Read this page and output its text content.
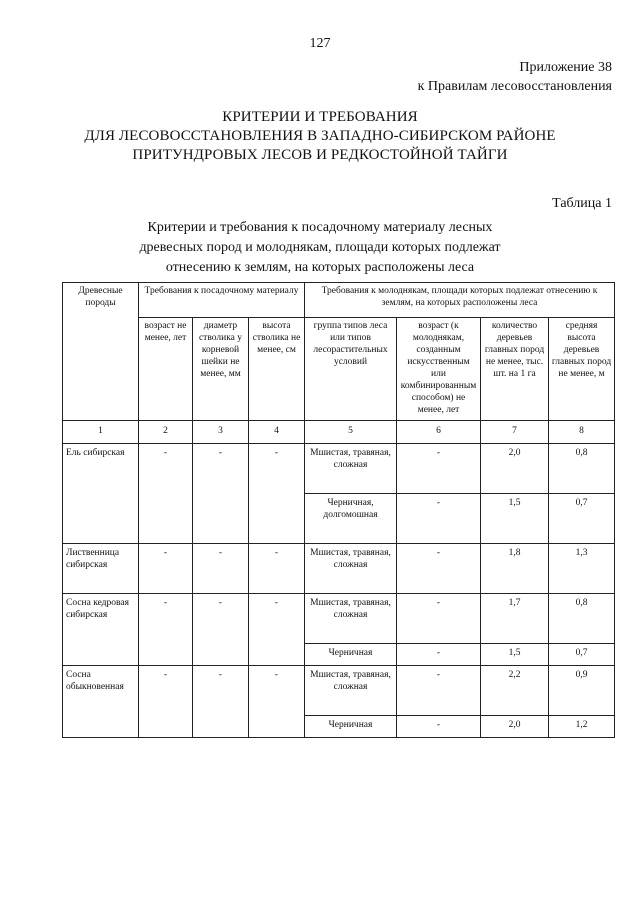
127
Приложение 38
к Правилам лесовосстановления
КРИТЕРИИ И ТРЕБОВАНИЯ
ДЛЯ ЛЕСОВОССТАНОВЛЕНИЯ В ЗАПАДНО-СИБИРСКОМ РАЙОНЕ
ПРИТУНДРОВЫХ ЛЕСОВ И РЕДКОСТОЙНОЙ ТАЙГИ
Таблица 1
Критерии и требования к посадочному материалу лесных
древесных пород и молоднякам, площади которых подлежат
отнесению к землям, на которых расположены леса
Древесные породы	Требования к посадочному материалу			Требования к молоднякам, площади которых подлежат отнесению к землям, на которых расположены леса			
	возраст не менее, лет	диаметр стволика у корневой шейки не менее, мм	высота стволика не менее, см	группа типов леса или типов лесорастительных условий	возраст (к молоднякам, созданным искусственным или комбинированным способом) не менее, лет	количество деревьев главных пород не менее, тыс. шт. на 1 га	средняя высота деревьев главных пород не менее, м
1	2	3	4	5	6	7	8
Ель сибирская	-	-	-	Мшистая, травяная, сложная	-	2,0	0,8
				Черничная, долгомошная	-	1,5	0,7
Лиственница сибирская	-	-	-	Мшистая, травяная, сложная	-	1,8	1,3
Сосна кедровая сибирская	-	-	-	Мшистая, травяная, сложная	-	1,7	0,8
				Черничная	-	1,5	0,7
Сосна обыкновенная	-	-	-	Мшистая, травяная, сложная	-	2,2	0,9
				Черничная	-	2,0	1,2
